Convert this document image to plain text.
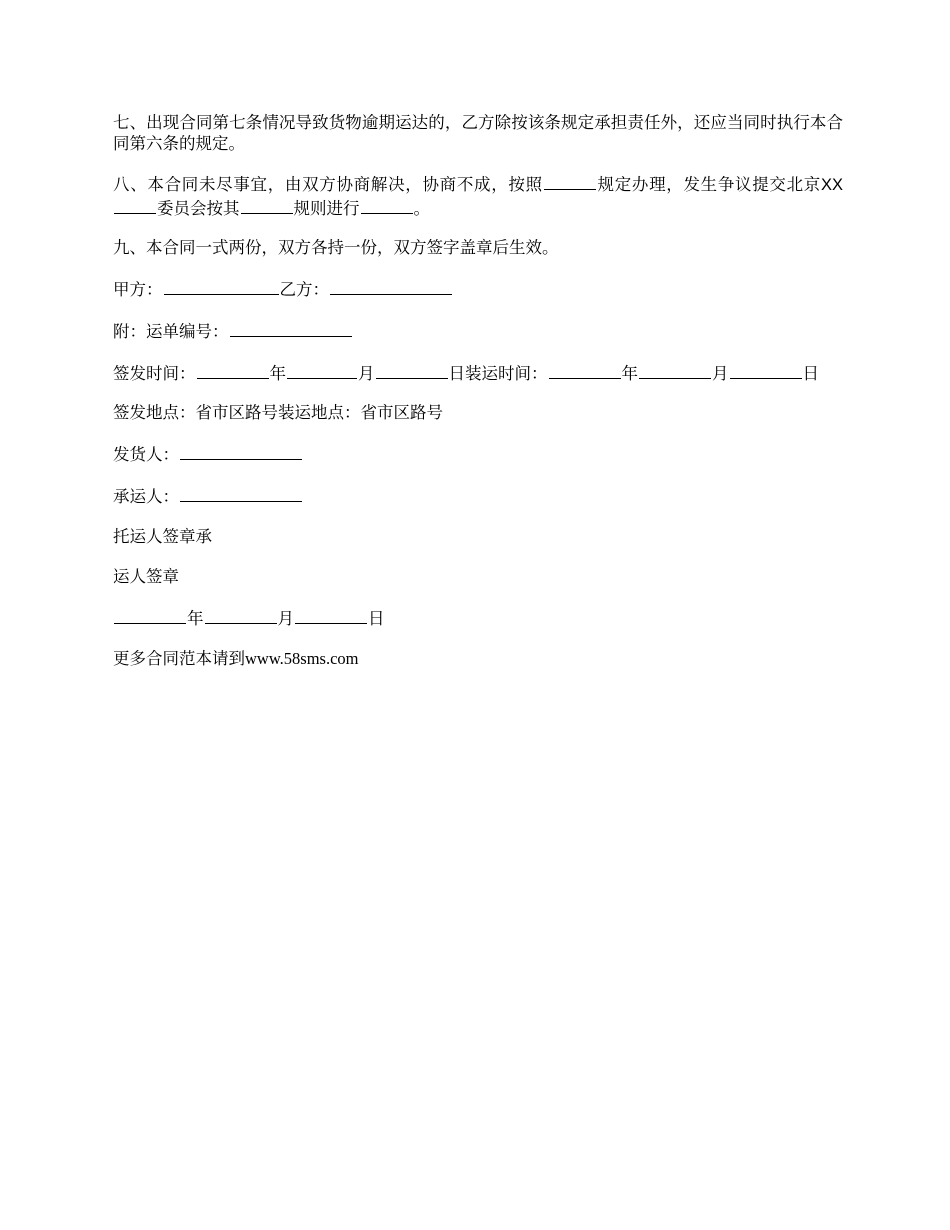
七、出现合同第七条情况导致货物逾期运达的，乙方除按该条规定承担责任外，还应当同时执行本合同第六条的规定。

八、本合同未尽事宜，由双方协商解决，协商不成，按照	规定办理，发生争议提交北京XX委员会按其	规则进行	。

九、本合同一式两份，双方各持一份，双方签字盖章后生效。

甲方：	乙方：

附：运单编号：

签发时间：	年	月	日装运时间：	年	月	日

签发地点：省市区路号装运地点：省市区路号

发货人：

承运人：

托运人签章承

运人签章

年	月	日

更多合同范本请到www.58sms.com
